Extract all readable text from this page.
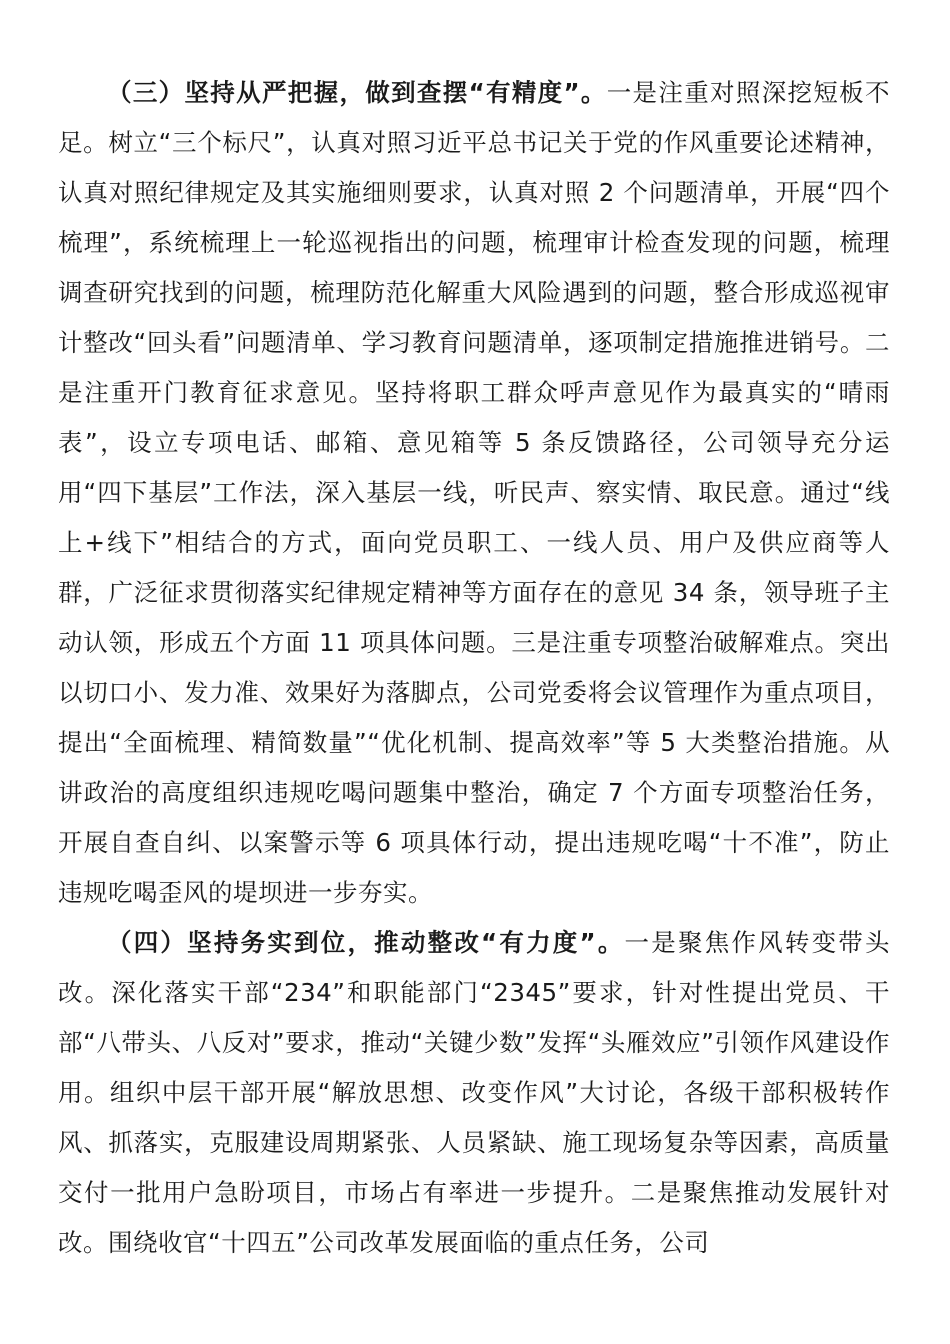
（三）坚持从严把握，做到查摆“有精度”。一是注重对照深挖短板不足。树立“三个标尺”，认真对照习近平总书记关于党的作风重要论述精神，认真对照纪律规定及其实施细则要求，认真对照 2 个问题清单，开展“四个梳理”，系统梳理上一轮巡视指出的问题，梳理审计检查发现的问题，梳理调查研究找到的问题，梳理防范化解重大风险遇到的问题，整合形成巡视审计整改“回头看”问题清单、学习教育问题清单，逐项制定措施推进销号。二是注重开门教育征求意见。坚持将职工群众呼声意见作为最真实的“晴雨表”，设立专项电话、邮箱、意见箱等 5 条反馈路径，公司领导充分运用“四下基层”工作法，深入基层一线，听民声、察实情、取民意。通过“线上+线下”相结合的方式，面向党员职工、一线人员、用户及供应商等人群，广泛征求贯彻落实纪律规定精神等方面存在的意见 34 条，领导班子主动认领，形成五个方面 11 项具体问题。三是注重专项整治破解难点。突出以切口小、发力准、效果好为落脚点，公司党委将会议管理作为重点项目，提出“全面梳理、精简数量”“优化机制、提高效率”等 5 大类整治措施。从讲政治的高度组织违规吃喝问题集中整治，确定 7 个方面专项整治任务，开展自查自纠、以案警示等 6 项具体行动，提出违规吃喝“十不准”，防止违规吃喝歪风的堤坝进一步夯实。

（四）坚持务实到位，推动整改“有力度”。一是聚焦作风转变带头改。深化落实干部“234”和职能部门“2345”要求，针对性提出党员、干部“八带头、八反对”要求，推动“关键少数”发挥“头雁效应”引领作风建设作用。组织中层干部开展“解放思想、改变作风”大讨论，各级干部积极转作风、抓落实，克服建设周期紧张、人员紧缺、施工现场复杂等因素，高质量交付一批用户急盼项目，市场占有率进一步提升。二是聚焦推动发展针对改。围绕收官“十四五”公司改革发展面临的重点任务，公司
